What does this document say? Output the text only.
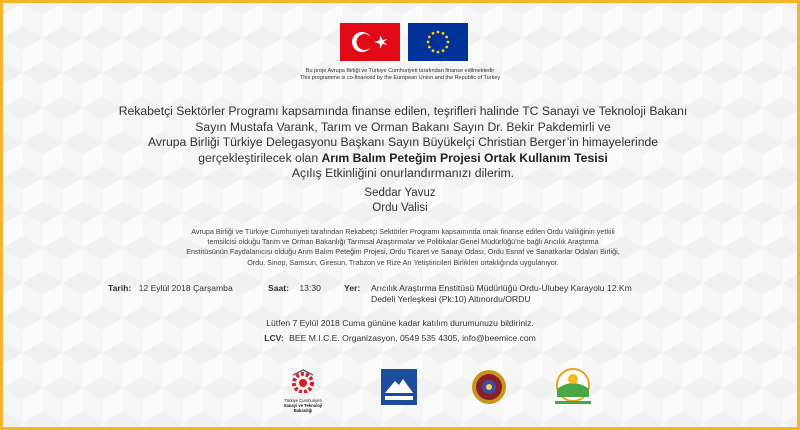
Bu proje Avrupa Birliği ve Türkiye Cumhuriyeti tarafından finanse edilmektedir
This programme is co-financed by the European Union and the Republic of Turkey
Rekabetçi Sektörler Programı kapsamında finanse edilen, teşrifleri halinde TC Sanayi ve Teknoloji Bakanı
Sayın Mustafa Varank, Tarım ve Orman Bakanı Sayın Dr. Bekir Pakdemirli ve
Avrupa Birliği Türkiye Delegasyonu Başkanı Sayın Büyükelçi Christian Berger’in himayelerinde
gerçekleştirilecek olan Arım Balım Peteğim Projesi Ortak Kullanım Tesisi
Açılış Etkinliğini onurlandırmanızı dilerim.
Seddar Yavuz
Ordu Valisi
Avrupa Birliği ve Türkiye Cumhuriyeti tarafından Rekabetçi Sektörler Programı kapsamında ortak finanse edilen Ordu Valiliğinin yetkili
temsilcisi olduğu Tarım ve Orman Bakanlığı Tarımsal Araştırmalar ve Politikalar Genel Müdürlüğü’ne bağlı Arıcılık Araştırma
Enstitüsünün Faydalanıcısı olduğu Arım Balım Peteğim Projesi, Ordu Ticaret ve Sanayi Odası, Ordu Esnaf ve Sanatkarlar Odaları Birliği,
Ordu, Sinop, Samsun, Giresun, Trabzon ve Rize Arı Yetiştiricileri Birlikleri ortaklığında uygulanıyor.
Tarih: 12 Eylül 2018 Çarşamba	Saat: 13:30	Yer: Arıcılık Araştırma Enstitüsü Müdürlüğü Ordu-Ulubey Karayolu 12.Km
Dedeli Yerleşkesi (Pk:10) Altınordu/ORDU
Lütfen 7 Eylül 2018 Cuma gününe kadar katılım durumunuzu bildiriniz.
LCV: BEE M.I.C.E. Organizasyon, 0549 535 4305, info@beemice.com
Türkiye Cumhuriyeti
Sanayi ve Teknoloji Bakanlığı
